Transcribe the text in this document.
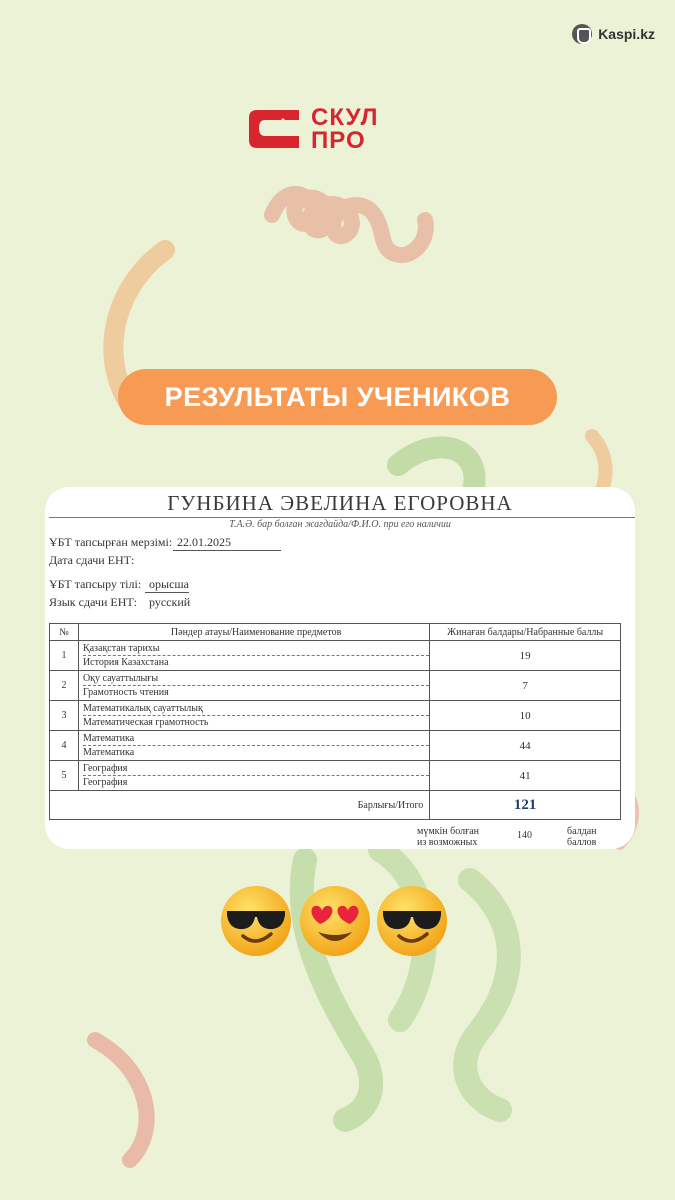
Kaspi.kz
СКУЛ
ПРО
РЕЗУЛЬТАТЫ УЧЕНИКОВ
ГУНБИНА ЭВЕЛИНА ЕГОРОВНА
Т.А.Ә. бар болған жағдайда/Ф.И.О. при его наличии
ҰБТ тапсырған мерзімі: 22.01.2025
Дата сдачи ЕНТ:
ҰБТ тапсыру тілі: орысша
Язык сдачи ЕНТ: русский
№	Пәндер атауы/Наименование предметов	Жинаған балдары/Набранные баллы
1	Қазақстан тарихы
История Казахстана	19
2	Оқу сауаттылығы
Грамотность чтения	7
3	Математикалық сауаттылық
Математическая грамотность	10
4	Математика
Математика	44
5	География
География	41
Барлығы/Итого		121
мүмкін болған
из возможных
140	балдан
баллов
